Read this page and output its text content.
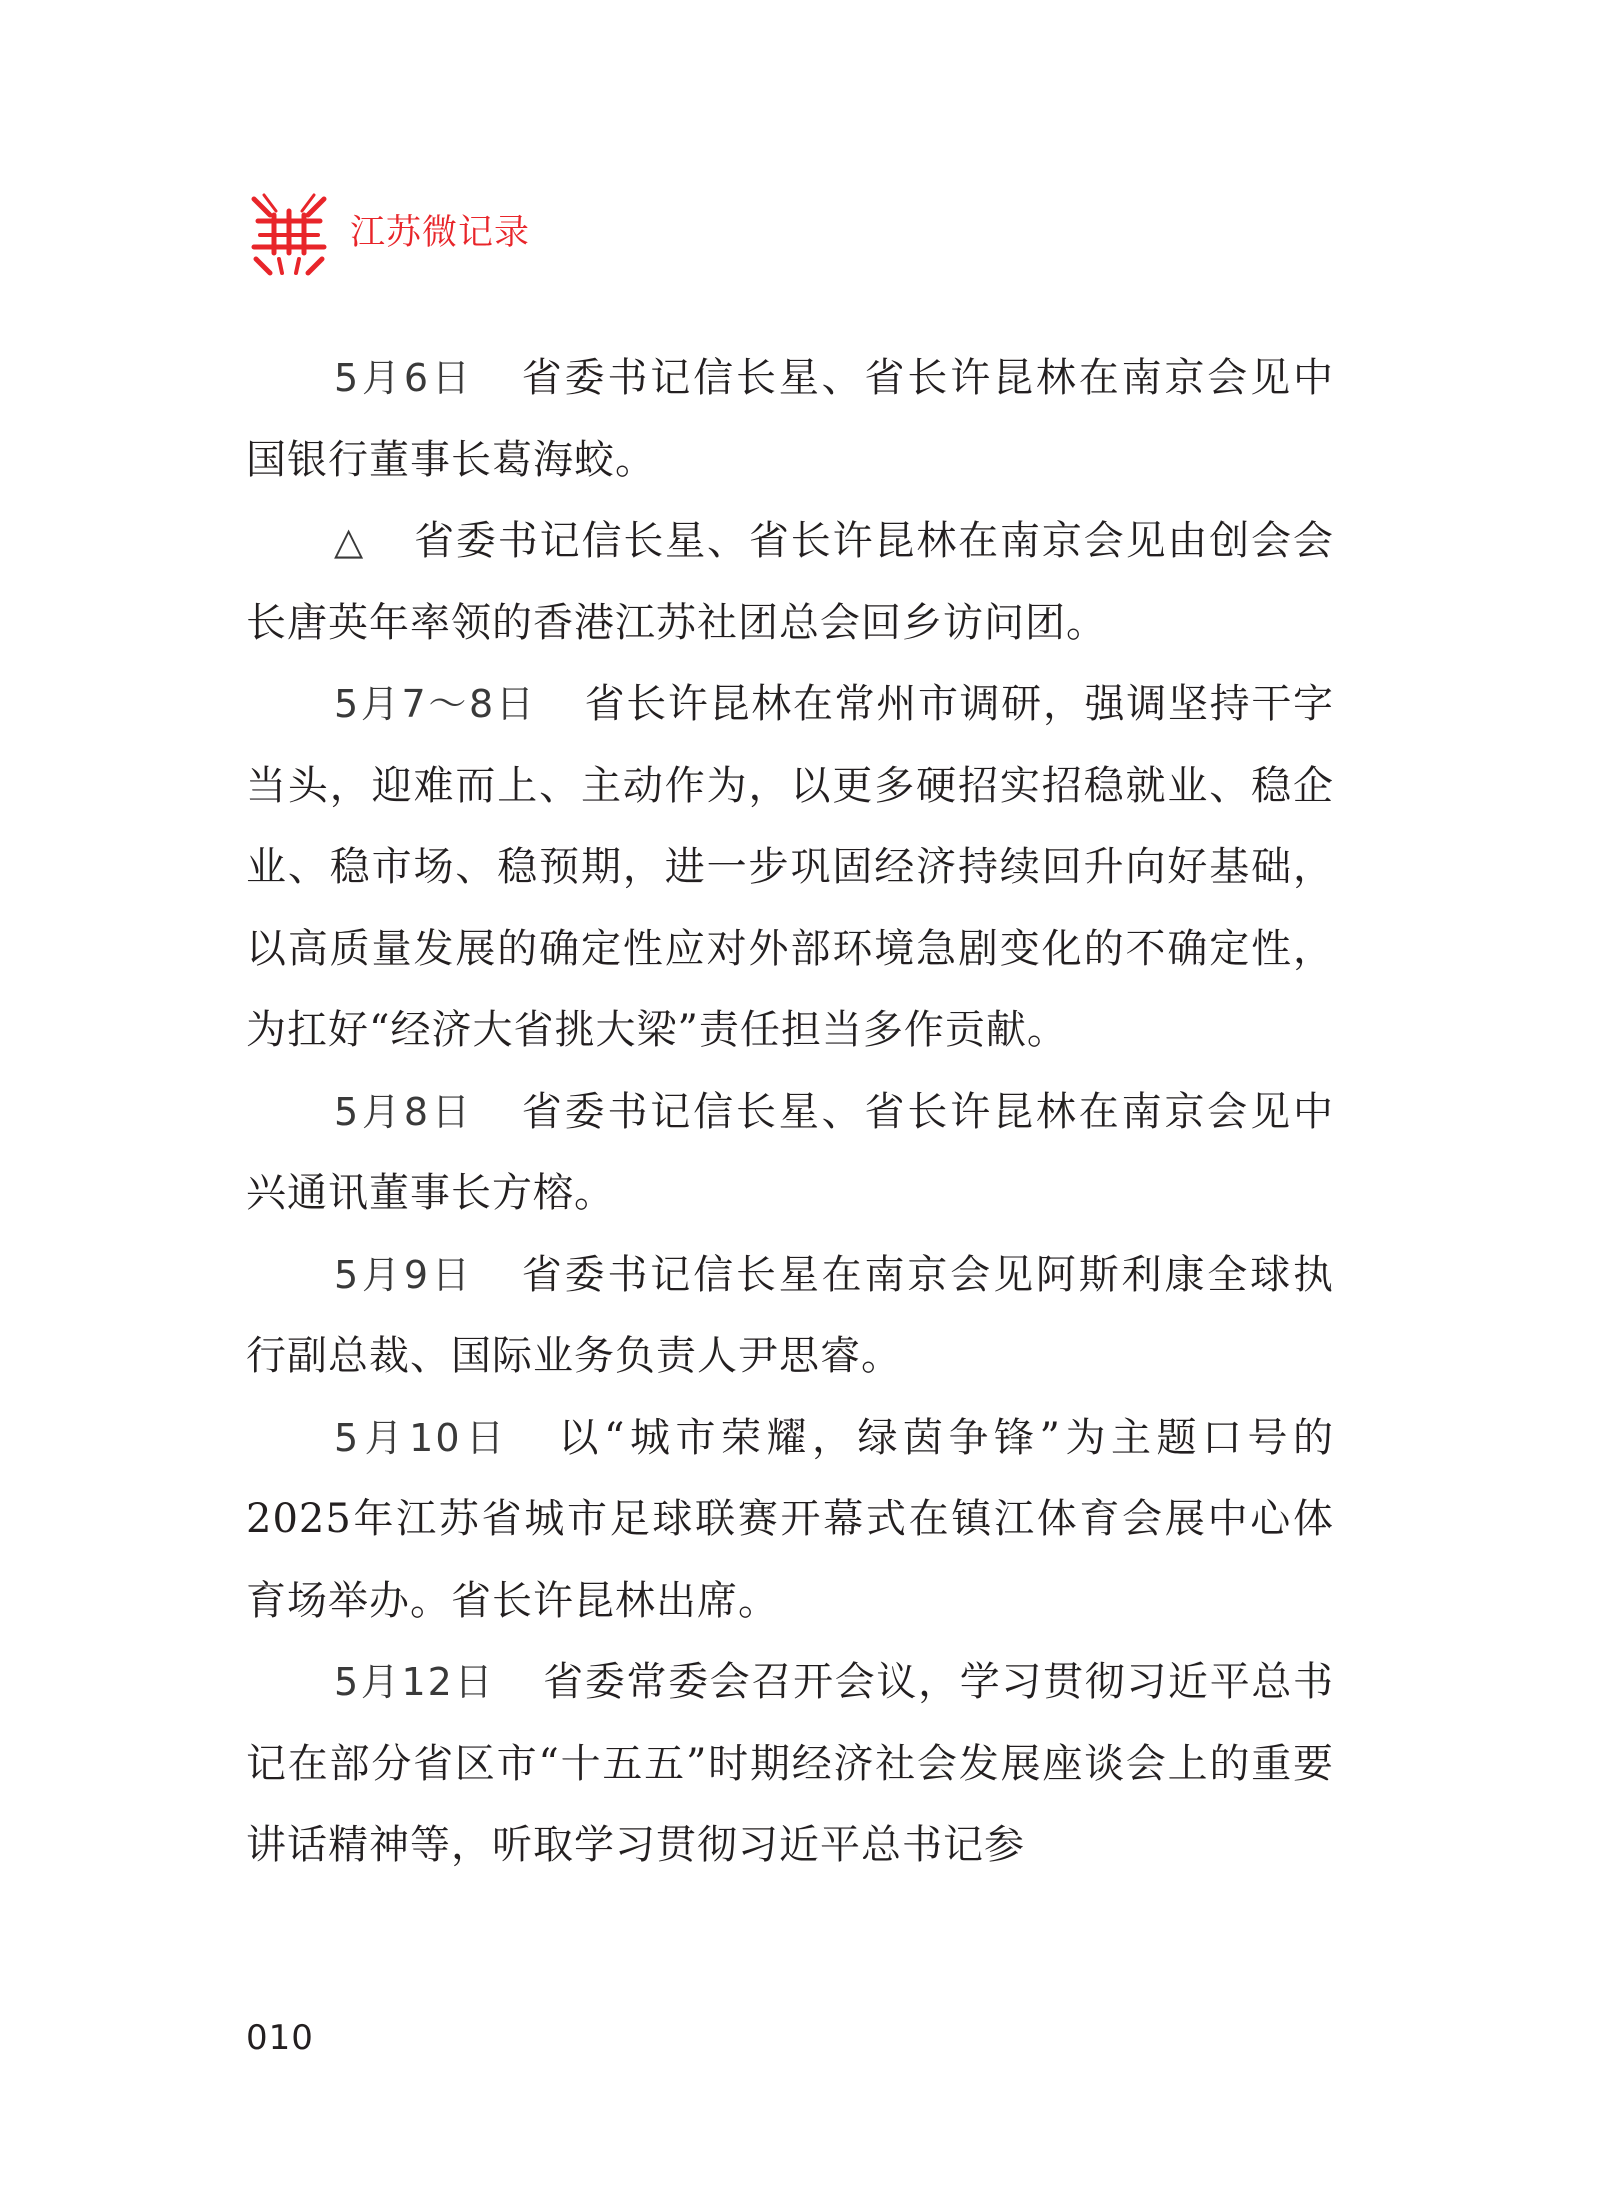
江苏微记录

5月6日 省委书记信长星、省长许昆林在南京会见中国银行董事长葛海蛟。

△ 省委书记信长星、省长许昆林在南京会见由创会会长唐英年率领的香港江苏社团总会回乡访问团。

5月7～8日 省长许昆林在常州市调研，强调坚持干字当头，迎难而上、主动作为，以更多硬招实招稳就业、稳企业、稳市场、稳预期，进一步巩固经济持续回升向好基础，以高质量发展的确定性应对外部环境急剧变化的不确定性，为扛好“经济大省挑大梁”责任担当多作贡献。

5月8日 省委书记信长星、省长许昆林在南京会见中兴通讯董事长方榕。

5月9日 省委书记信长星在南京会见阿斯利康全球执行副总裁、国际业务负责人尹思睿。

5月10日 以“城市荣耀，绿茵争锋”为主题口号的2025年江苏省城市足球联赛开幕式在镇江体育会展中心体育场举办。省长许昆林出席。

5月12日 省委常委会召开会议，学习贯彻习近平总书记在部分省区市“十五五”时期经济社会发展座谈会上的重要讲话精神等，听取学习贯彻习近平总书记参

010
